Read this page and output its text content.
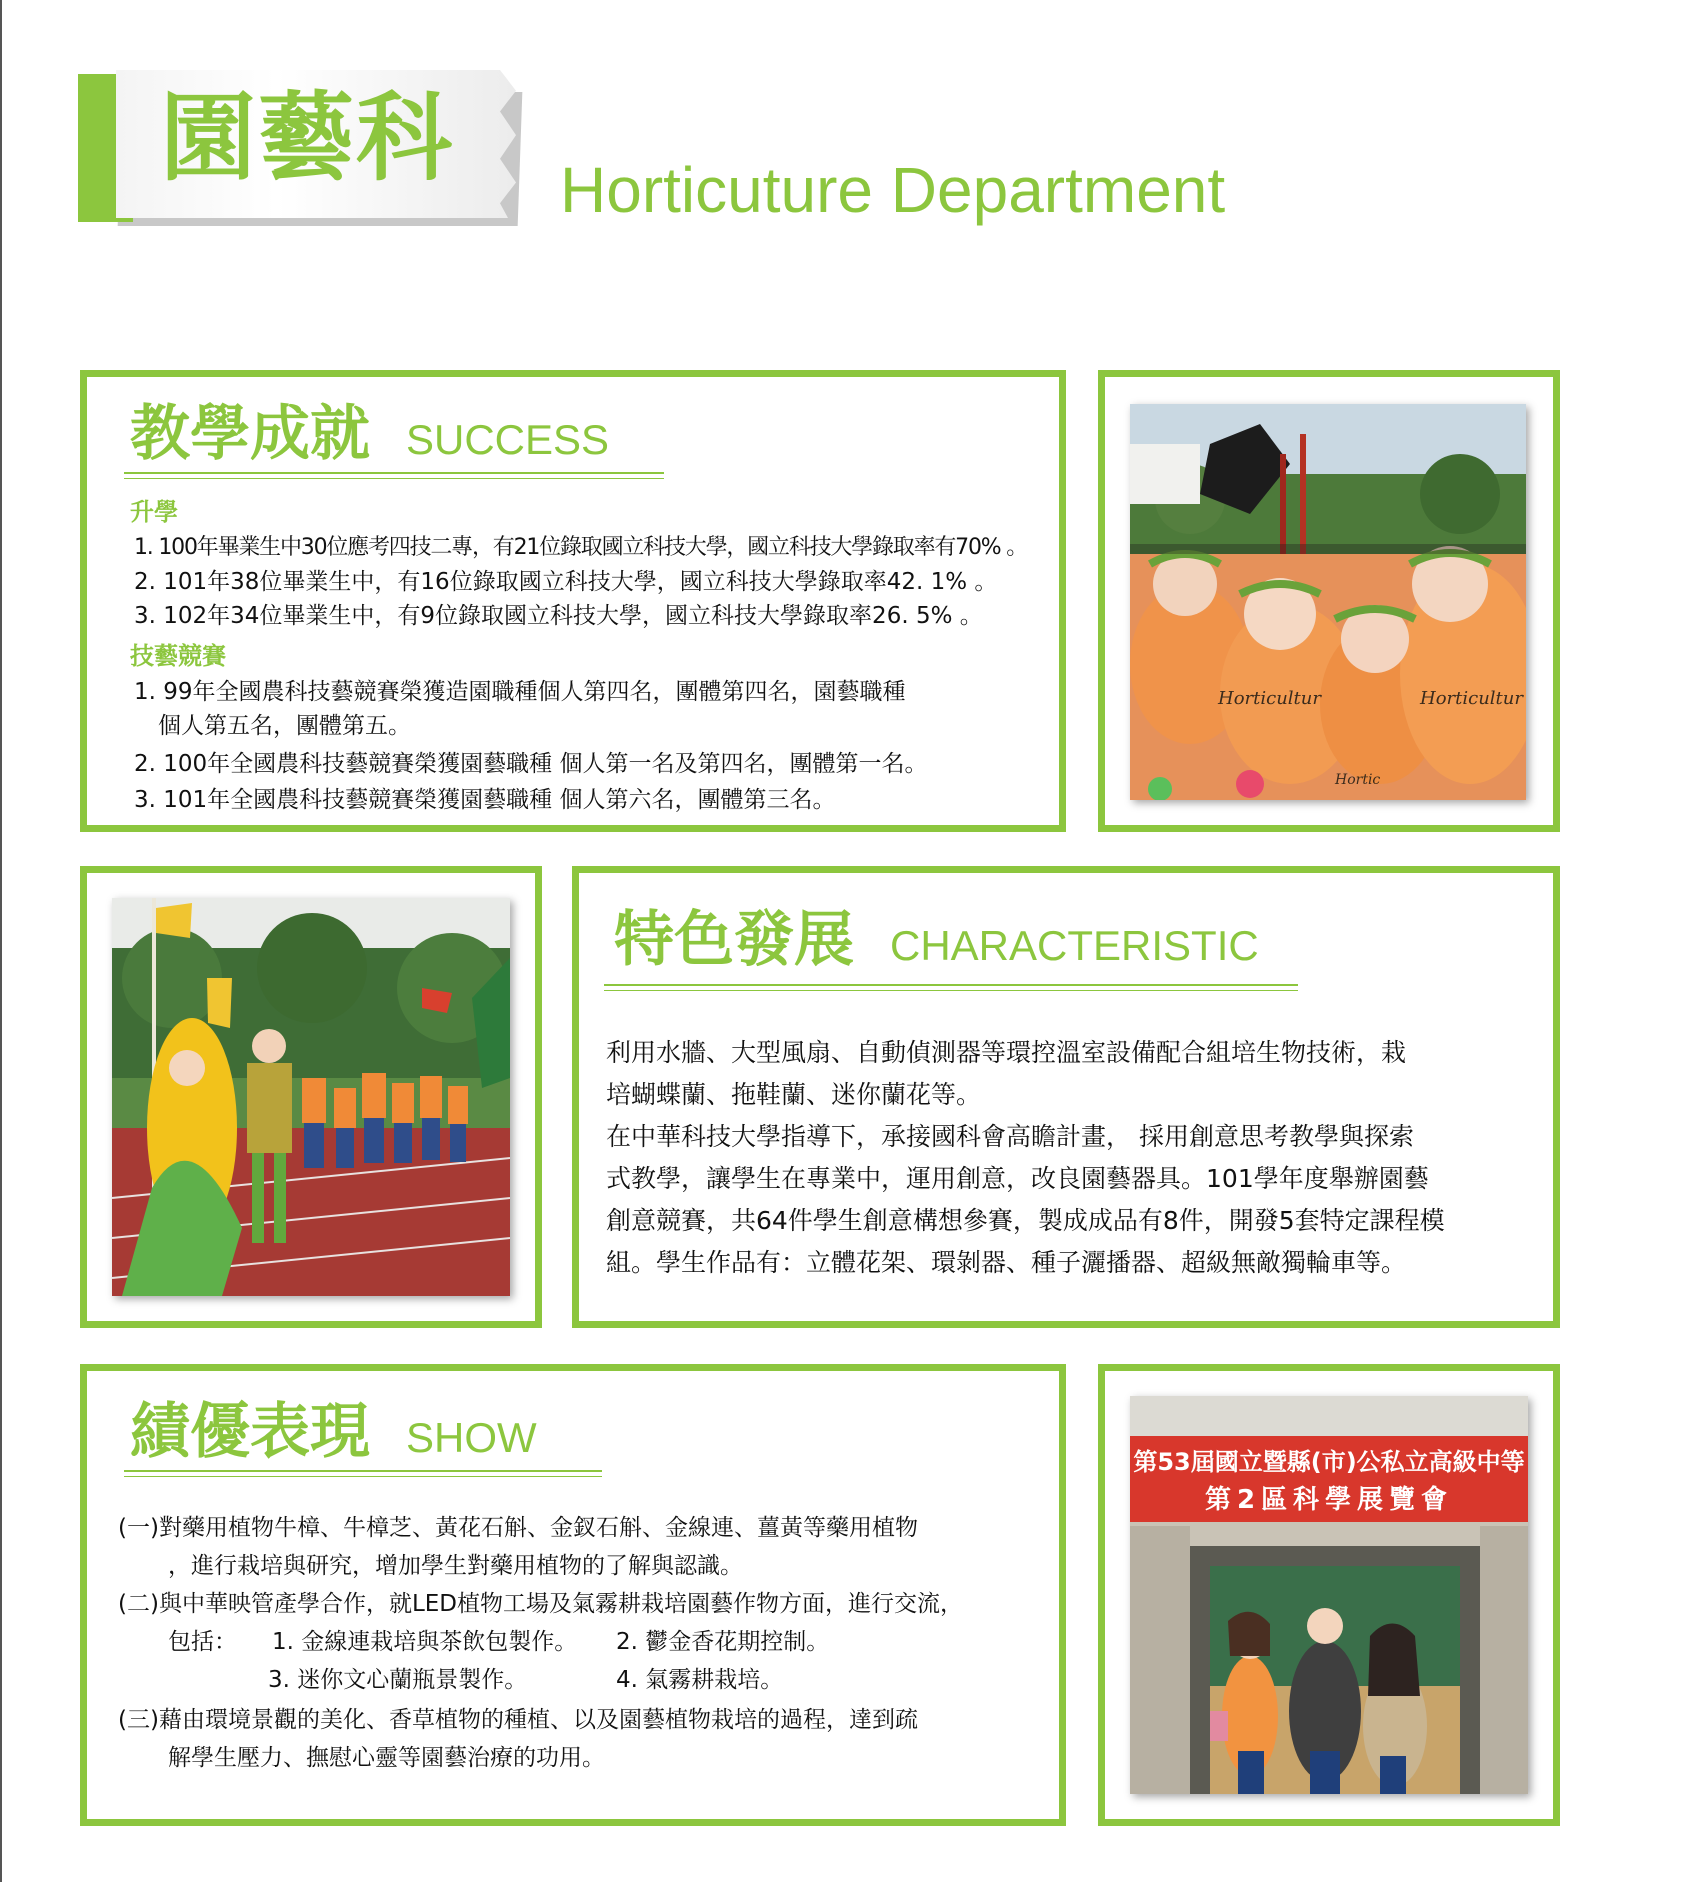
園藝科 Horticuture Department
教學成就 SUCCESS
升學
1. 100年畢業生中30位應考四技二專，有21位錄取國立科技大學，國立科技大學錄取率有70% 。
2. 101年38位畢業生中，有16位錄取國立科技大學，國立科技大學錄取率42. 1% 。
3. 102年34位畢業生中，有9位錄取國立科技大學，國立科技大學錄取率26. 5% 。
技藝競賽
1. 99年全國農科技藝競賽榮獲造園職種個人第四名，團體第四名，園藝職種
個人第五名，團體第五。
2. 100年全國農科技藝競賽榮獲園藝職種 個人第一名及第四名，團體第一名。
3. 101年全國農科技藝競賽榮獲園藝職種 個人第六名，團體第三名。
Horticultur	Horticultur
Hortic
特色發展 CHARACTERISTIC
利用水牆、大型風扇、自動偵測器等環控溫室設備配合組培生物技術，栽
培蝴蝶蘭、拖鞋蘭、迷你蘭花等。
在中華科技大學指導下，承接國科會高瞻計畫， 採用創意思考教學與探索
式教學，讓學生在專業中，運用創意，改良園藝器具。101學年度舉辦園藝
創意競賽，共64件學生創意構想參賽，製成成品有8件，開發5套特定課程模
組。學生作品有：立體花架、環剝器、種子灑播器、超級無敵獨輪車等。
績優表現 SHOW
(一)對藥用植物牛樟、牛樟芝、黃花石斛、金釵石斛、金線連、薑黃等藥用植物
，進行栽培與研究，增加學生對藥用植物的了解與認識。
(二)與中華映管產學合作，就LED植物工場及氣霧耕栽培園藝作物方面，進行交流，
包括： 1. 金線連栽培與茶飲包製作。 2. 鬱金香花期控制。
3. 迷你文心蘭瓶景製作。	4. 氣霧耕栽培。
(三)藉由環境景觀的美化、香草植物的種植、以及園藝植物栽培的過程，達到疏
解學生壓力、撫慰心靈等園藝治療的功用。
第53屆國立暨縣(市)公私立高級中等
第2區科學展覽會
